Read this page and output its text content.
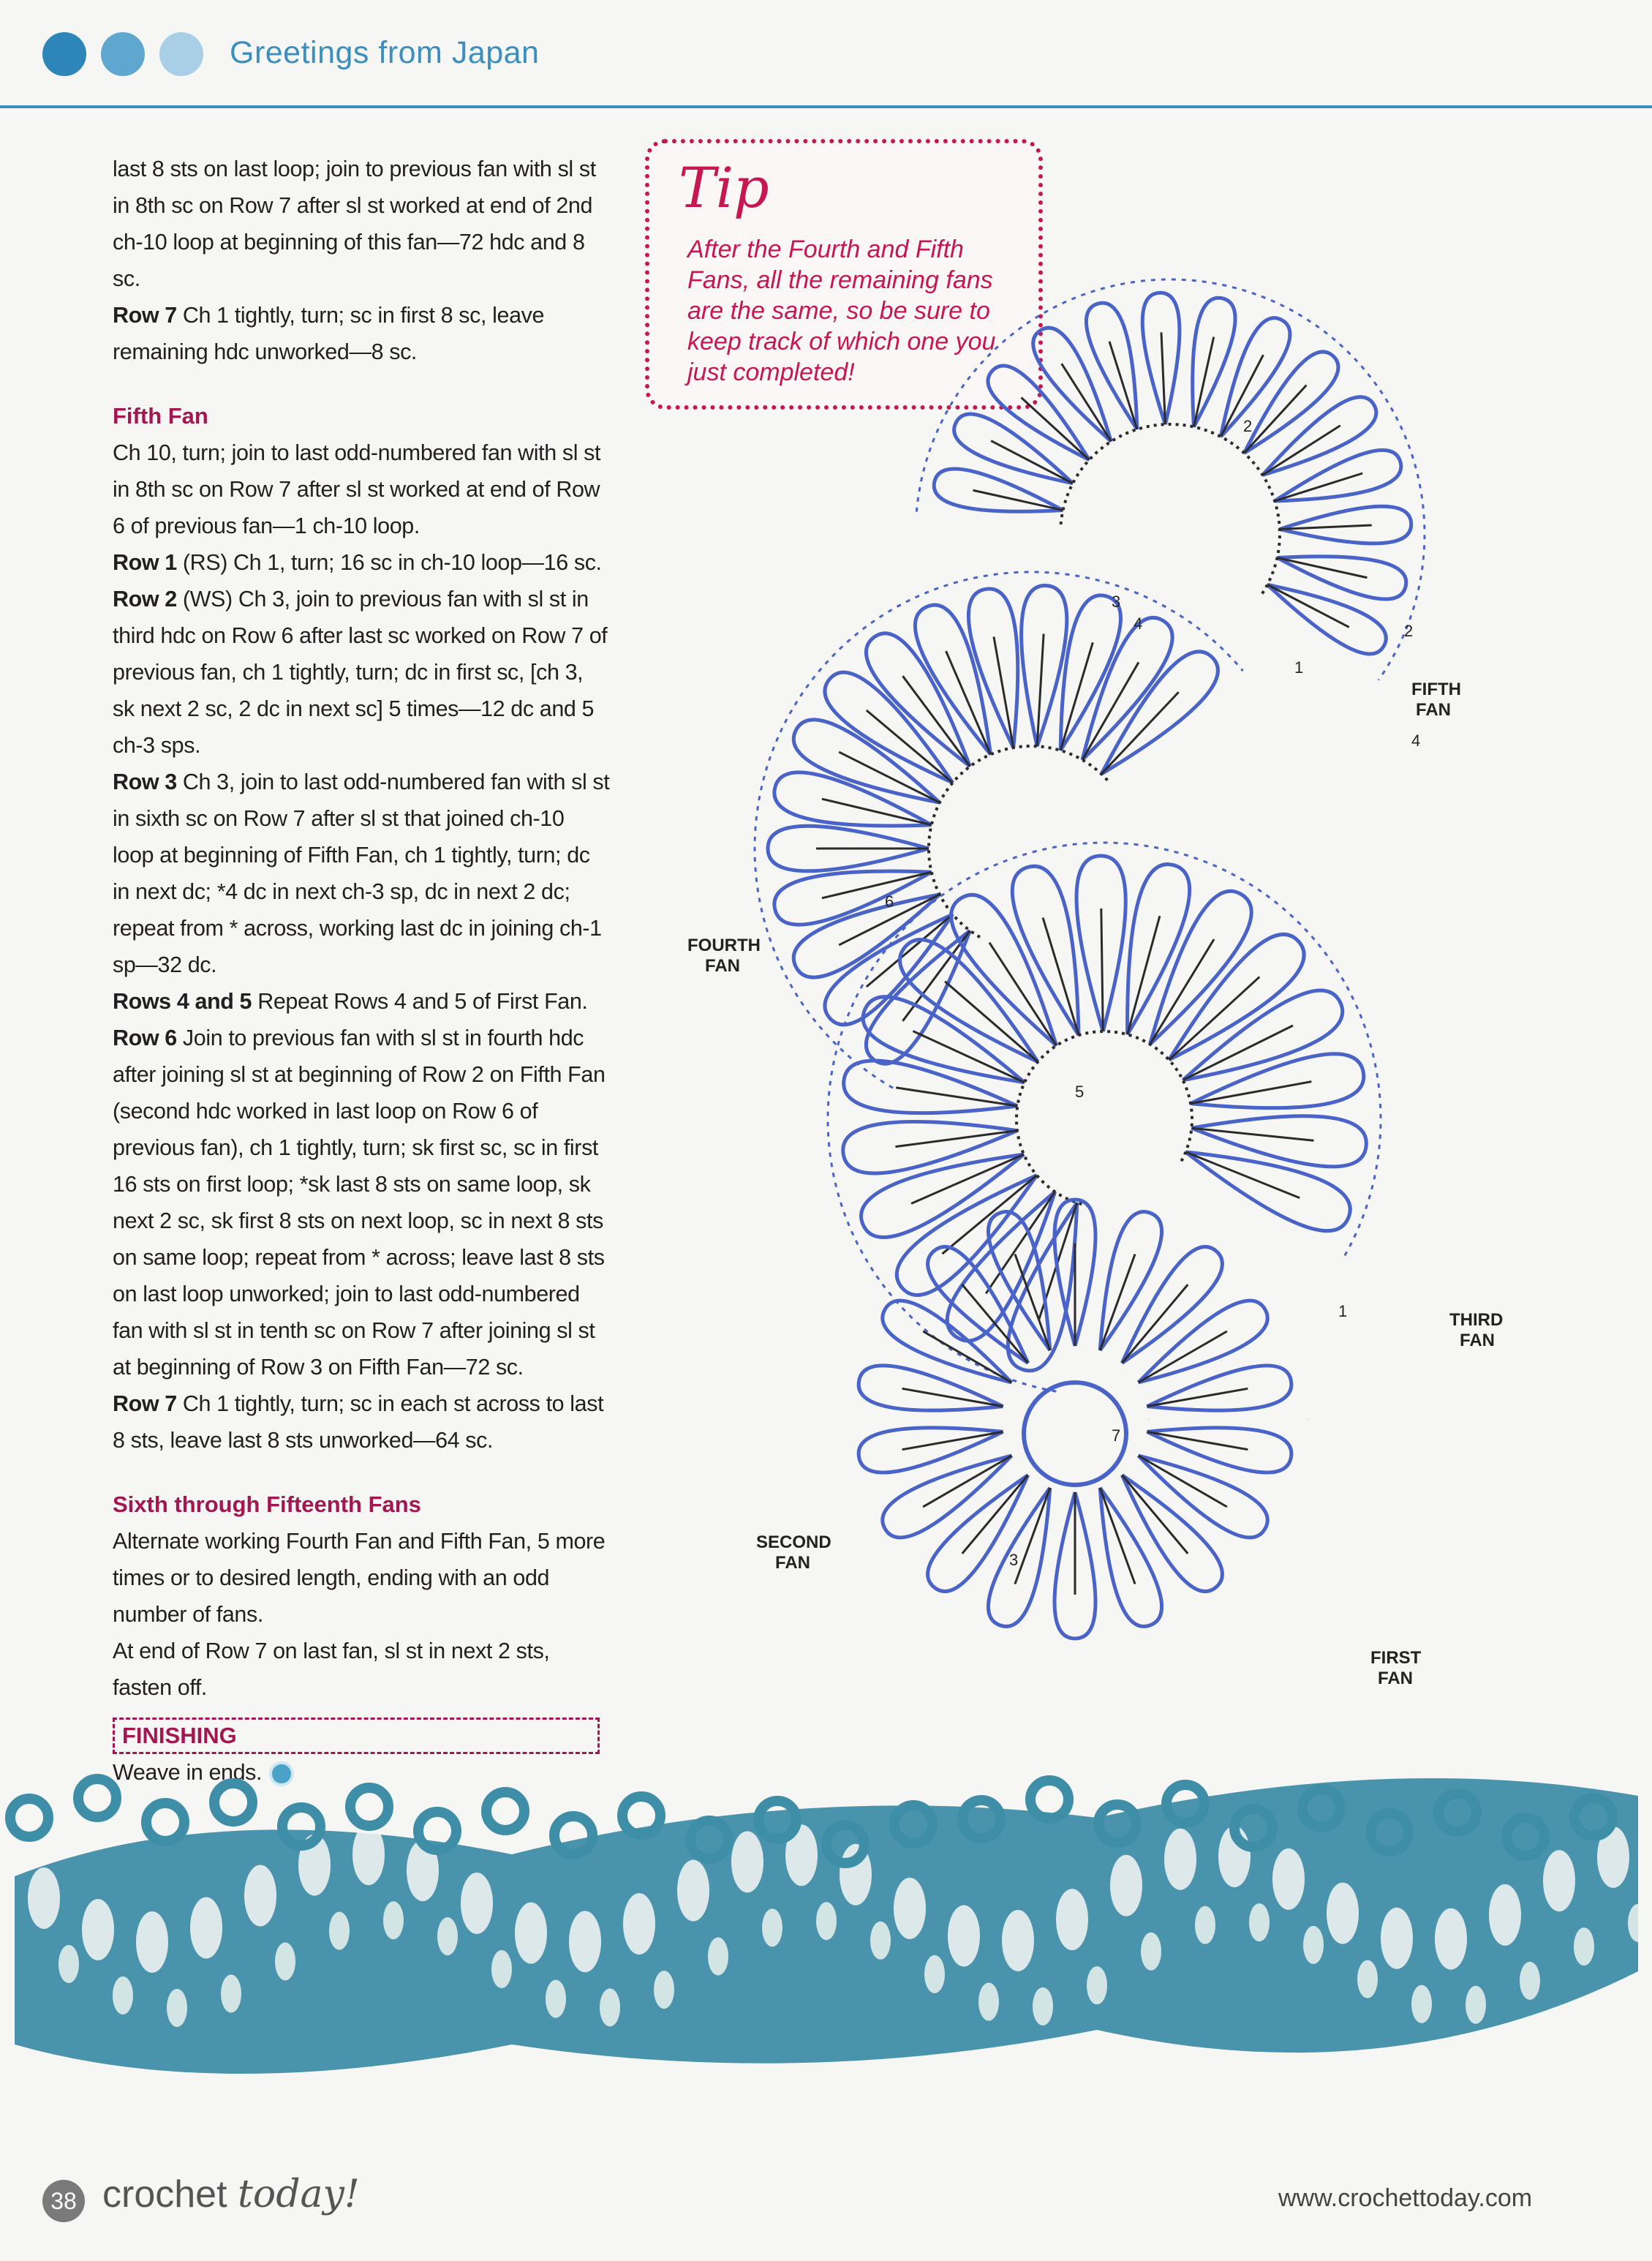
Greetings from Japan

last 8 sts on last loop; join to previous fan with sl st in 8th sc on Row 7 after sl st worked at end of 2nd ch-10 loop at beginning of this fan—72 hdc and 8 sc.

Row 7 Ch 1 tightly, turn; sc in first 8 sc, leave remaining hdc unworked—8 sc.

Fifth Fan

Ch 10, turn; join to last odd-numbered fan with sl st in 8th sc on Row 7 after sl st worked at end of Row 6 of previous fan—1 ch-10 loop.

Row 1 (RS) Ch 1, turn; 16 sc in ch-10 loop—16 sc.

Row 2 (WS) Ch 3, join to previous fan with sl st in third hdc on Row 6 after last sc worked on Row 7 of previous fan, ch 1 tightly, turn; dc in first sc, [ch 3, sk next 2 sc, 2 dc in next sc] 5 times—12 dc and 5 ch-3 sps.

Row 3 Ch 3, join to last odd-numbered fan with sl st in sixth sc on Row 7 after sl st that joined ch-10 loop at beginning of Fifth Fan, ch 1 tightly, turn; dc in next dc; *4 dc in next ch-3 sp, dc in next 2 dc; repeat from * across, working last dc in joining ch-1 sp—32 dc.

Rows 4 and 5 Repeat Rows 4 and 5 of First Fan.

Row 6 Join to previous fan with sl st in fourth hdc after joining sl st at beginning of Row 2 on Fifth Fan (second hdc worked in last loop on Row 6 of previous fan), ch 1 tightly, turn; sk first sc, sc in first 16 sts on first loop; *sk last 8 sts on same loop, sk next 2 sc, sk first 8 sts on next loop, sc in next 8 sts on same loop; repeat from * across; leave last 8 sts on last loop unworked; join to last odd-numbered fan with sl st in tenth sc on Row 7 after joining sl st at beginning of Row 3 on Fifth Fan—72 sc.

Row 7 Ch 1 tightly, turn; sc in each st across to last 8 sts, leave last 8 sts unworked—64 sc.

Sixth through Fifteenth Fans

Alternate working Fourth Fan and Fifth Fan, 5 more times or to desired length, ending with an odd number of fans.

At end of Row 7 on last fan, sl st in next 2 sts, fasten off.

FINISHING

Weave in ends.

Tip
After the Fourth and Fifth Fans, all the remaining fans are the same, so be sure to keep track of which one you just completed!
FIFTH
FAN
FOURTH
FAN
THIRD
FAN
SECOND
FAN
FIRST
FAN
1
2
3
4
5
6
7
1
2
3
4
38 crochet today!	www.crochettoday.com
